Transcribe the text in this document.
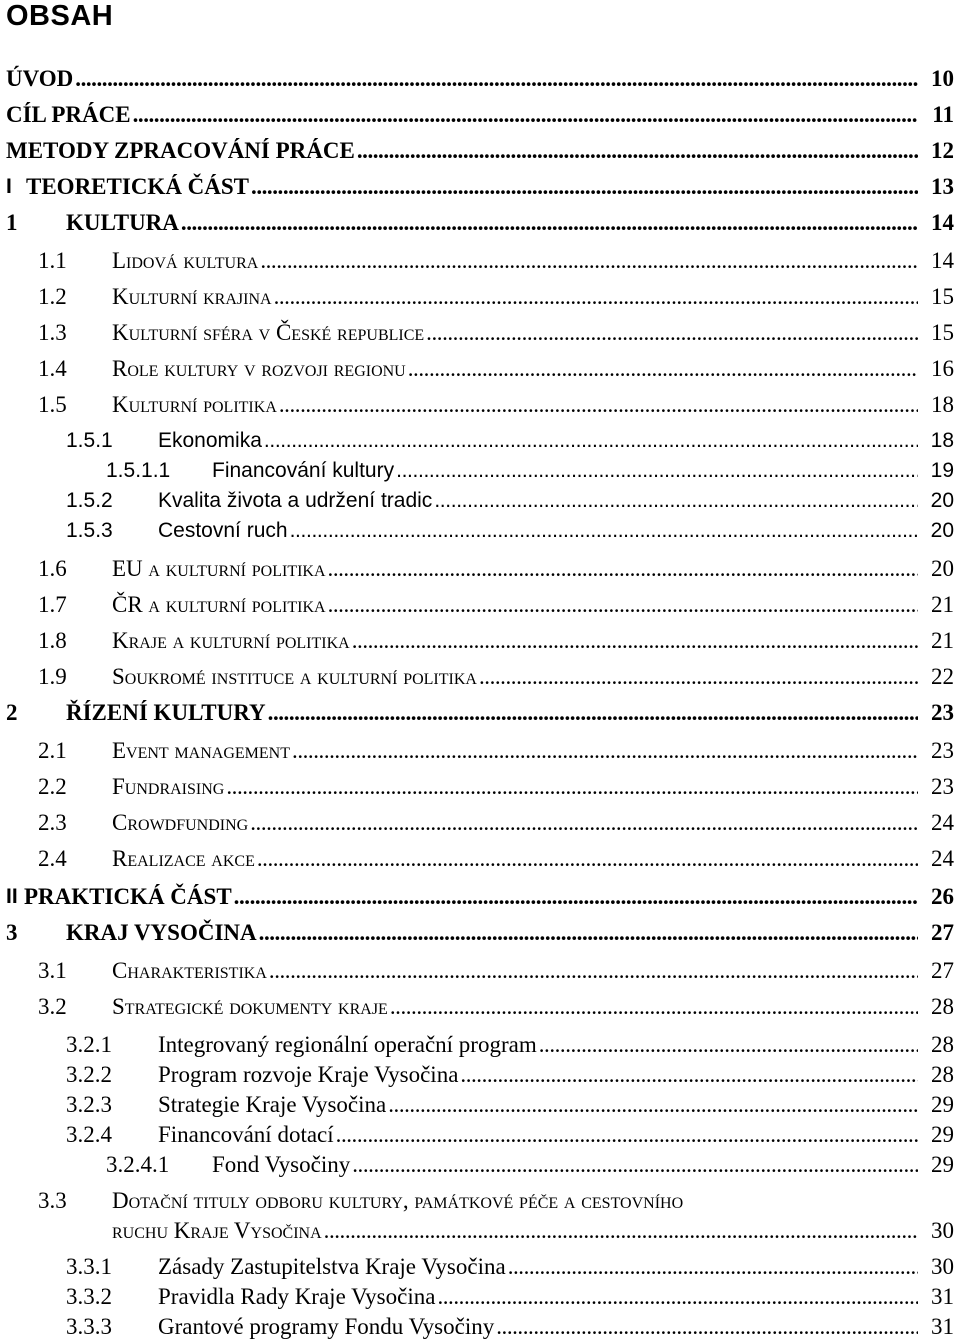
OBSAH
ÚVOD . . .	10
CÍL PRÁCE . . .	11
METODY ZPRACOVÁNÍ PRÁCE . . .	12
I TEORETICKÁ ČÁST . . .	13
1	KULTURA . . .	14
1.1	Lidová kultura . . .	14
1.2	Kulturní krajina . . .	15
1.3	Kulturní sféra v České republice . . .	15
1.4	Role kultury v rozvoji regionu . . .	16
1.5	Kulturní politika . . .	18
1.5.1	Ekonomika . . .	18
1.5.1.1	Financování kultury . . .	19
1.5.2	Kvalita života a udržení tradic . . .	20
1.5.3	Cestovní ruch . . .	20
1.6	EU a kulturní politika . . .	20
1.7	ČR a kulturní politika . . .	21
1.8	Kraje a kulturní politika . . .	21
1.9	Soukromé instituce a kulturní politika . . .	22
2	ŘÍZENÍ KULTURY . . .	23
2.1	Event management . . .	23
2.2	Fundraising . . .	23
2.3	Crowdfunding . . .	24
2.4	Realizace akce . . .	24
II PRAKTICKÁ ČÁST . . .	26
3	KRAJ VYSOČINA . . .	27
3.1	Charakteristika . . .	27
3.2	Strategické dokumenty kraje . . .	28
3.2.1	Integrovaný regionální operační program . . .	28
3.2.2	Program rozvoje Kraje Vysočina . . .	28
3.2.3	Strategie Kraje Vysočina . . .	29
3.2.4	Financování dotací . . .	29
3.2.4.1	Fond Vysočiny . . .	29
3.3 Dotační tituly odboru kultury, památkové péče a cestovního
ruchu Kraje Vysočina . . .	30
3.3.1	Zásady Zastupitelstva Kraje Vysočina . . .	30
3.3.2	Pravidla Rady Kraje Vysočina . . .	31
3.3.3	Grantové programy Fondu Vysočiny . . .	31
